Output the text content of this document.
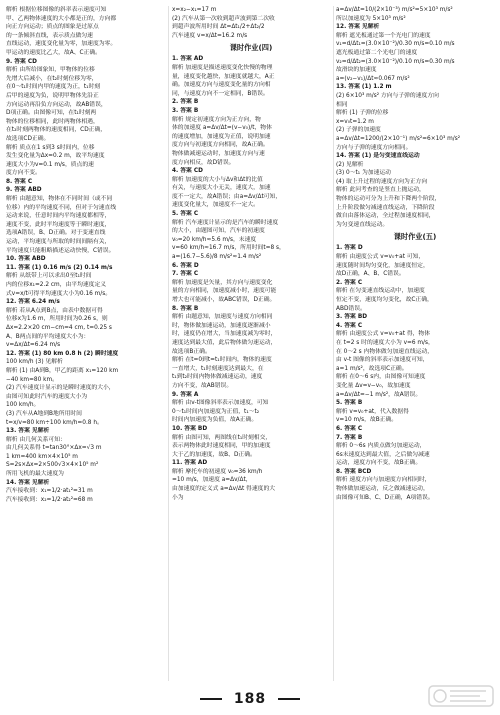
解析 根据位移图像的斜率表示速度可知
甲、乙两物体速度的大小都是正的，方向都
向正方向运动；质点的图象是过原点
的一条倾斜直线，表示质点做匀速
直线运动，速度变化量为零，加速度为零。
甲运动的速度比乙大，故A、C正确。
9. 答案 CD
解析 由所给图象知，甲物体的位移
先增大后减小，在t₂时刻位移为零，
在0～t₁时间内甲的速度为正，t₁时刻
后甲的速度为负，说明甲物体先沿正
方向运动再沿负方向运动，故AB错误，
D项正确。由图像可知，在t₁时刻两
物体的位移相同，此时两物体相遇，
在t₂时刻两物体的速度相同，CD正确，
故选项CD正确。
解析 质点在1 s到3 s时间内，位移
发生变化量为Δx=0.2 m，故平均速度
速度大小为v=0.1 m/s，质点的速
度方向不变。
8. 答案 C
9. 答案 ABD
解析 由题意知，物体在不同时间（或不同
位移）内的平均速度不同，但对于匀速直线
运动来说，任意时间内平均速度都相等，
速度不变，此时平均速度等于瞬时速度，
选项A错误，B、D正确。对于变速直线
运动，平均速度与所取的时间间隔有关，
平均速度只能粗略描述运动快慢，C错误。
10. 答案 ABD
11. 答案 (1) 0.16 m/s (2) 0.14 m/s
解析 从纸带上可以求出0至t₁时间
内的位移x₁=2.2 cm，由平均速度定义
式v=x/t可得平均速度大小为0.16 m/s。
12. 答案 6.24 m/s
解析 若从A点到B点，由表中数据可得
位移x为1.6 m，所用时间为0.26 s，则
Δx=2.2×20 cm−cm=4 cm, t=0.25 s
A、B两点间的平均速度大小为：
v=Δx/Δt=6.24 m/s
12. 答案 (1) 80 km 0.8 h (2) 瞬时速度
100 km/h (3) 见解析
解析 (1) 由A到B，甲乙的距离 x₁=120 km
−40 km=80 km。
(2) 汽车速度计显示的是瞬时速度的大小，
由图可知此时汽车的速度大小为
100 km/h。
(3) 汽车从A地到B地所用时间
t=x/v=80 km÷100 km/h=0.8 h。
13. 答案 见解析
解析 由几何关系可知：
由几何关系得 t=tan30°×Δx=√3 m
1 km=400 km×4×10⁵ m
S=2s×Δx=2×500√3×4×10⁵ m²
所用飞机的最大速度为
14. 答案 见解析
汽车接收到：x₁=1/2·at₁²=31 m
汽车接收到：x₂=1/2·at₂²=68 m
x=x₂−x₁=17 m
(2) 汽车从第一次收到超声波到第二次收
到超声波所用时间 Δt=Δt₁/2+Δt₂/2
汽车速度 v=x/Δt=16.2 m/s
课时作业(四)
1. 答案 AD
解析 加速度是描述速度变化快慢的物理
量，速度变化越快，加速度就越大，A正
确。加速度方向与速度变化量的方向相
同，与速度方向不一定相同，B错误。
2. 答案 B
3. 答案 B
解析 规定初速度方向为正方向，物
体的加速度 a=Δv/Δt=(v−v₀)/t，物体
的速度增加，加速度为正值，说明加速
度方向与初速度方向相同，故A正确。
物体做减速运动时，加速度方向与速
度方向相反，故D错误。
4. 答案 CD
解析 加速度的大小与Δv和Δt的比值
有关，与速度大小无关，速度大，加速
度不一定大，故A错误；由a=Δv/Δt可知，
速度变化量大，加速度不一定大。
5. 答案 C
解析 汽车速度计显示的是汽车的瞬时速度
的大小，由题图可知，汽车的初速度
v₀=20 km/h≈5.6 m/s，末速度
v=60 km/h≈16.7 m/s，所用时间t=8 s，
a=(16.7−5.6)/8 m/s²≈1.4 m/s²
6. 答案 D
7. 答案 C
解析 加速度是矢量，其方向与速度变化
量的方向相同，加速度减小时，速度可能
增大也可能减小，故ABC错误，D正确。
8. 答案 B
解析 由题意知，加速度与速度方向相同
时，物体做加速运动，加速度逐渐减小
时，速度仍在增大，当加速度减为零时，
速度达到最大值，此后物体做匀速运动，
故选项B正确。
解析 在t=0到t=t₁时间内，物体的速度
一直增大，t₁时刻速度达到最大，在
t₁到t₂时间内物体做减速运动，速度
方向不变，故AB错误。
9. 答案 A
解析 由v-t图像斜率表示加速度，可知
0～t₁时间内加速度为正值，t₁～t₂
时间内加速度为负值，故A正确。
10. 答案 BD
解析 由图可知，两图线在t₁时刻相交，
表示两物体此时速度相同，甲的加速度
大于乙的加速度，故B、D正确。
11. 答案 AD
解析 摩托车的初速度 v₀=36 km/h
=10 m/s，加速度 a=Δv/Δt，
由加速度的定义式 a=Δv/Δt 得速度的大
小为
a=Δv/Δt=10/(2×10⁻³) m/s²=5×10³ m/s²
所以加速度为 5×10³ m/s²
12. 答案 见解析
解析 遮光板通过第一个光电门的速度
v₁=d/Δt₁=(3.0×10⁻²)/0.30 m/s=0.10 m/s
遮光板通过第二个光电门的速度
v₂=d/Δt₂=(3.0×10⁻²)/0.10 m/s=0.30 m/s
故滑块的加速度
a=(v₂−v₁)/Δt≈0.067 m/s²
13. 答案 (1) 1.2 m
(2) 6×10³ m/s² 方向与子弹的速度方向
相同
解析 (1) 子弹的位移
x=v₀t=1.2 m
(2) 子弹的加速度
a=Δv/Δt=1200/(2×10⁻¹) m/s²=6×10³ m/s²
方向与子弹的速度方向相同。
14. 答案 (1) 是匀变速直线运动
(2) 见解析
(3) 0～t₁ 为加速运动
(4) 取上升过程的速度方向为正方向
解析 此问考查的是竖直上抛运动，
物体的运动可分为上升和下降两个阶段，
上升阶段做匀减速直线运动，下降阶段
做自由落体运动，全过程加速度相同，
为匀变速直线运动。
课时作业(五)
1. 答案 D
解析 由速度公式 v=v₀+at 可知，
速度随时间均匀变化，加速度恒定，
故D正确，A、B、C错误。
2. 答案 C
解析 在匀变速直线运动中，加速度
恒定不变，速度均匀变化，故C正确，
ABD错误。
3. 答案 BD
4. 答案 C
解析 由速度公式 v=v₀+at 得，物体
在 t=2 s 时的速度大小为 v=6 m/s，
在 0～2 s 内物体做匀加速直线运动，
由 v-t 图像的斜率表示加速度可知，
a=1 m/s²，故选项C正确。
解析 在0～6 s内，由图像可知速度
变化量 Δv=v−v₀，故加速度
a=Δv/Δt=−1 m/s²，故A错误。
5. 答案 B
解析 v=v₀+at，代入数据得
v=10 m/s，故B正确。
6. 答案 C
7. 答案 B
解析 0～6s 内质点做匀加速运动，
6s末速度达到最大值，之后做匀减速
运动，速度方向不变，故B正确。
8. 答案 BCD
解析 速度方向与加速度方向相同时，
物体做加速运动，反之做减速运动，
由图像可知B、C、D正确，A项错误。
188
